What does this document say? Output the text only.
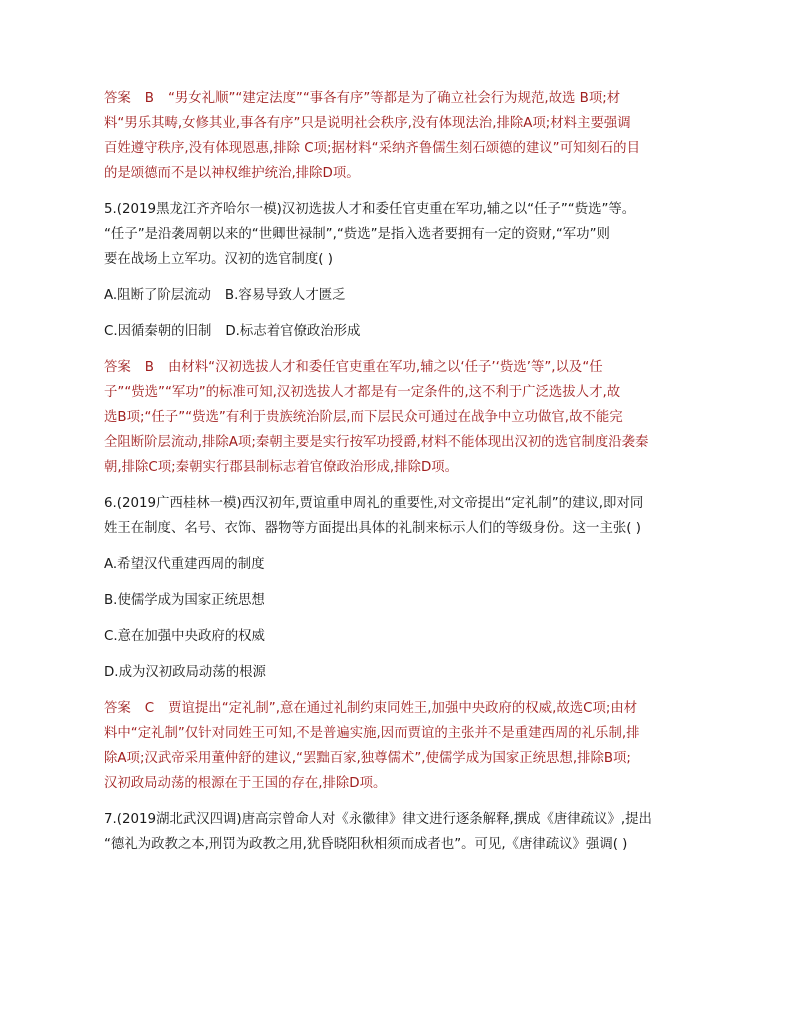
答案 B “男女礼顺”“建定法度”“事各有序”等都是为了确立社会行为规范,故选 B项;材
料“男乐其畴,女修其业,事各有序”只是说明社会秩序,没有体现法治,排除A项;材料主要强调
百姓遵守秩序,没有体现恩惠,排除 C项;据材料“采纳齐鲁儒生刻石颂德的建议”可知刻石的目
的是颂德而不是以神权维护统治,排除D项。
5.(2019黑龙江齐齐哈尔一模)汉初选拔人才和委任官吏重在军功,辅之以“任子”“赀选”等。
“任子”是沿袭周朝以来的“世卿世禄制”,“赀选”是指入选者要拥有一定的资财,“军功”则
要在战场上立军功。汉初的选官制度( )
A.阻断了阶层流动 B.容易导致人才匮乏
C.因循秦朝的旧制 D.标志着官僚政治形成
答案 B 由材料“汉初选拔人才和委任官吏重在军功,辅之以‘任子’‘赀选’等”,以及“任
子”“赀选”“军功”的标准可知,汉初选拔人才都是有一定条件的,这不利于广泛选拔人才,故
选B项;“任子”“赀选”有利于贵族统治阶层,而下层民众可通过在战争中立功做官,故不能完
全阻断阶层流动,排除A项;秦朝主要是实行按军功授爵,材料不能体现出汉初的选官制度沿袭秦
朝,排除C项;秦朝实行郡县制标志着官僚政治形成,排除D项。
6.(2019广西桂林一模)西汉初年,贾谊重申周礼的重要性,对文帝提出“定礼制”的建议,即对同
姓王在制度、名号、衣饰、器物等方面提出具体的礼制来标示人们的等级身份。这一主张( )
A.希望汉代重建西周的制度
B.使儒学成为国家正统思想
C.意在加强中央政府的权威
D.成为汉初政局动荡的根源
答案 C 贾谊提出“定礼制”,意在通过礼制约束同姓王,加强中央政府的权威,故选C项;由材
料中“定礼制”仅针对同姓王可知,不是普遍实施,因而贾谊的主张并不是重建西周的礼乐制,排
除A项;汉武帝采用董仲舒的建议,“罢黜百家,独尊儒术”,使儒学成为国家正统思想,排除B项;
汉初政局动荡的根源在于王国的存在,排除D项。
7.(2019湖北武汉四调)唐高宗曾命人对《永徽律》律文进行逐条解释,撰成《唐律疏议》,提出
“德礼为政教之本,刑罚为政教之用,犹昏晓阳秋相须而成者也”。可见,《唐律疏议》强调( )
